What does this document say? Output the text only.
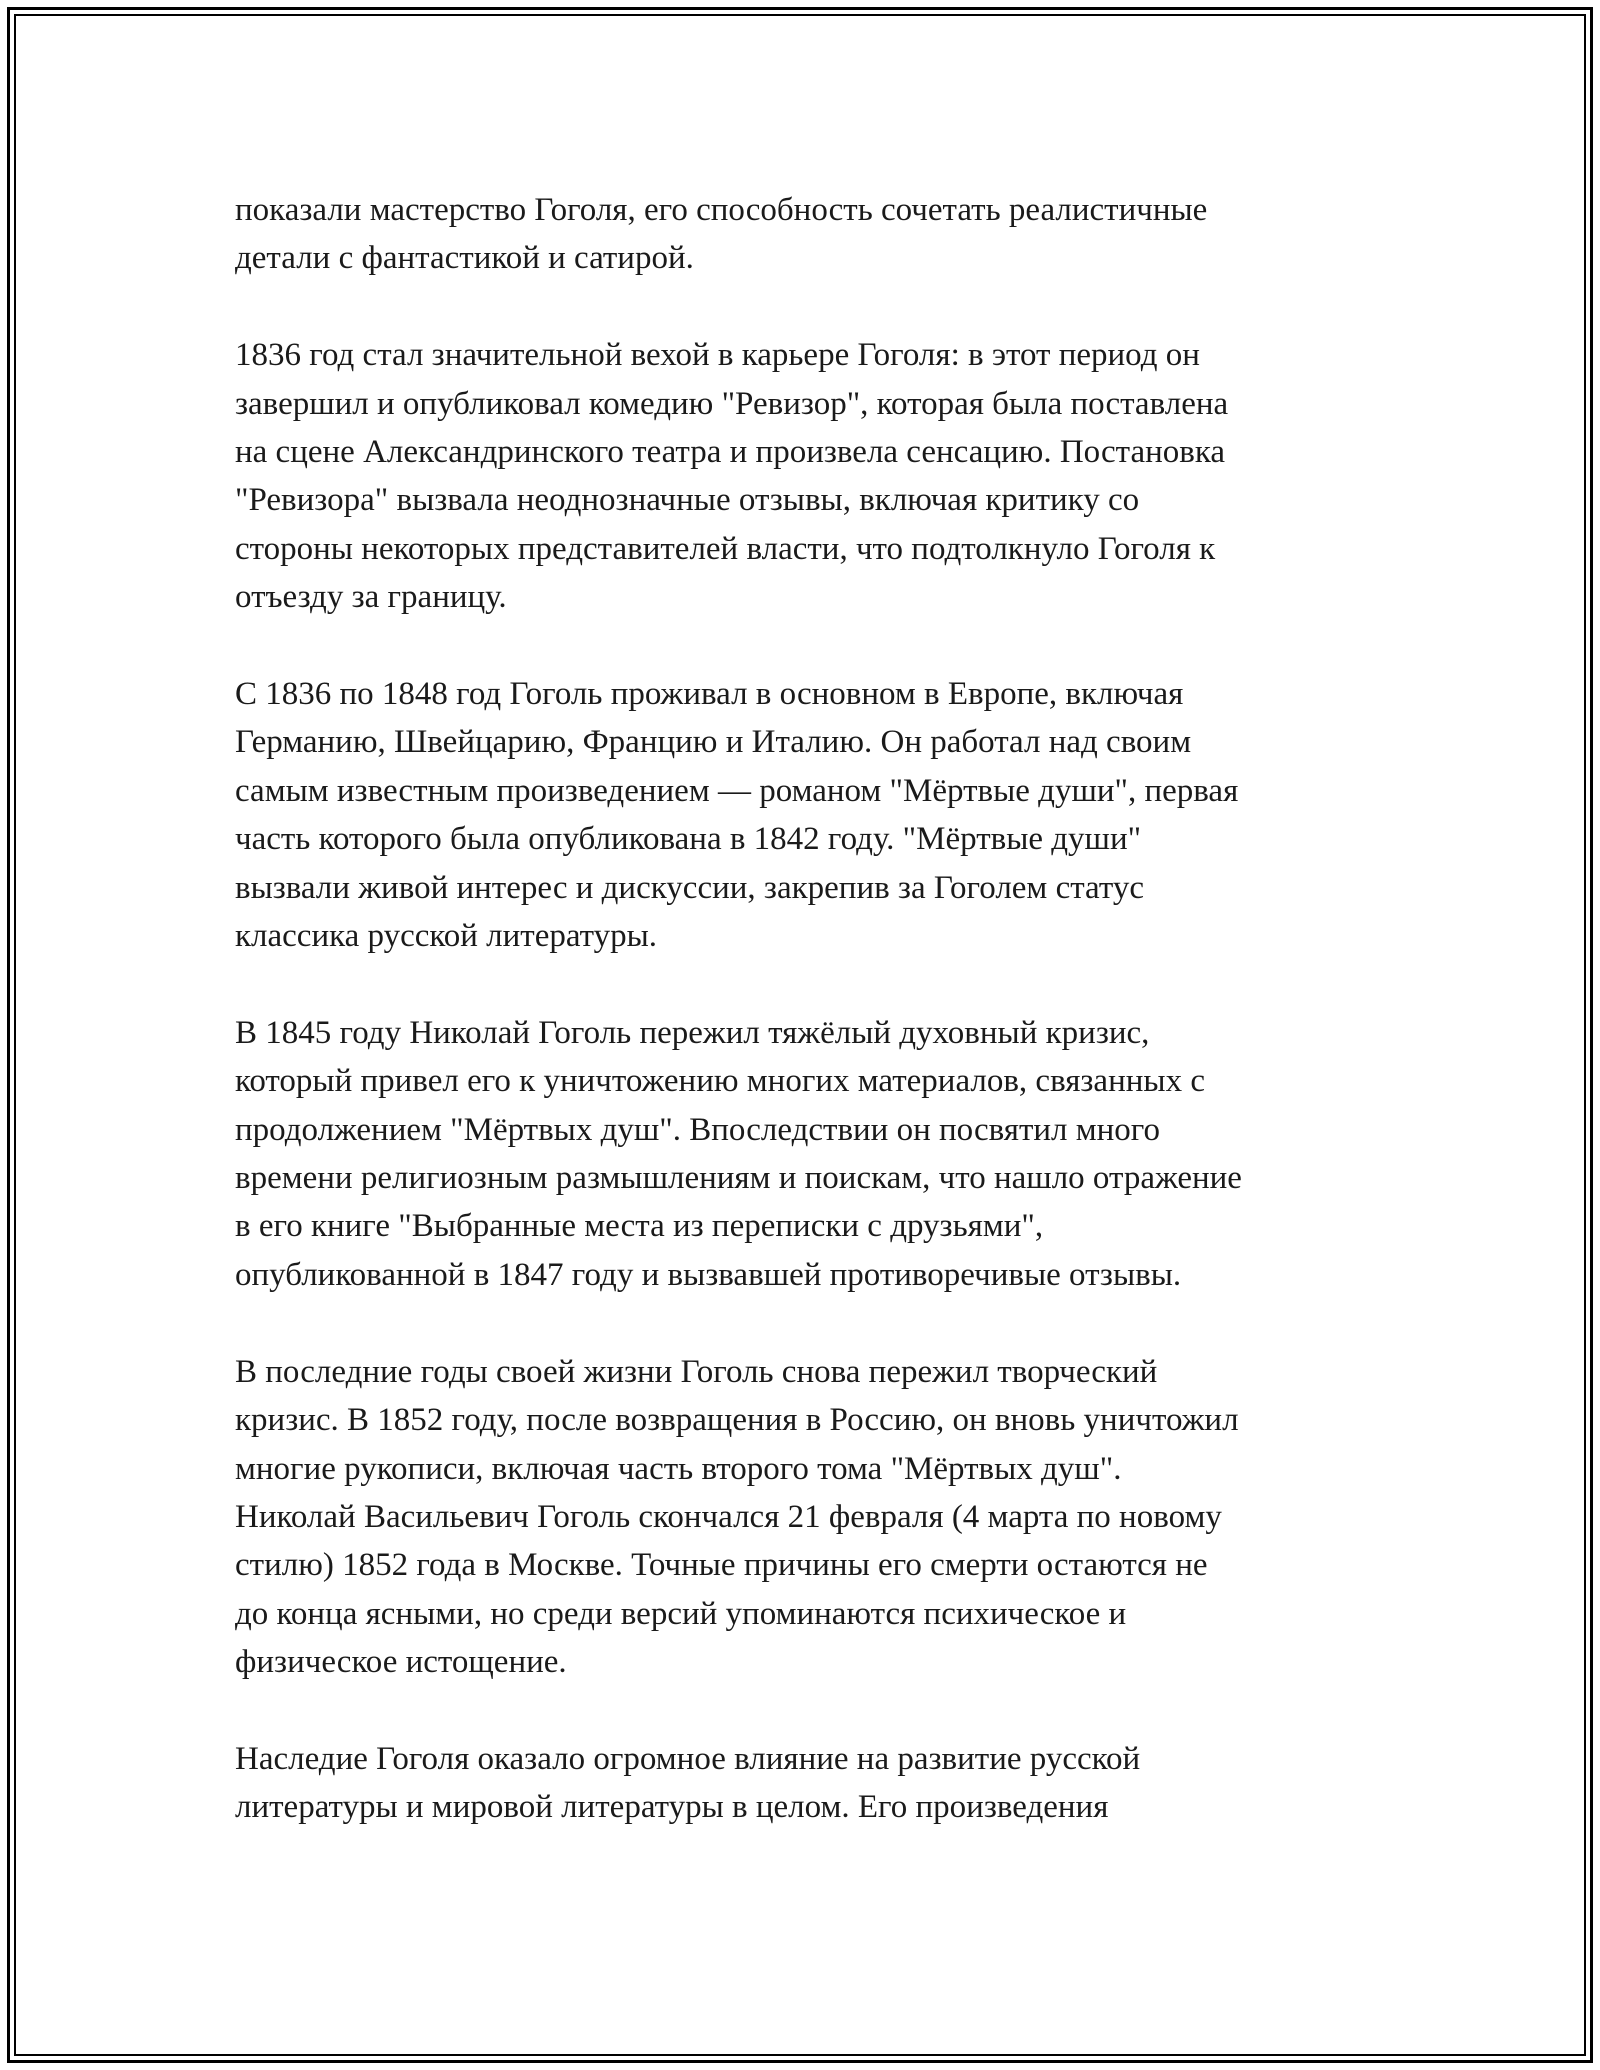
показали мастерство Гоголя, его способность сочетать реалистичные
детали с фантастикой и сатирой.

1836 год стал значительной вехой в карьере Гоголя: в этот период он
завершил и опубликовал комедию "Ревизор", которая была поставлена
на сцене Александринского театра и произвела сенсацию. Постановка
"Ревизора" вызвала неоднозначные отзывы, включая критику со
стороны некоторых представителей власти, что подтолкнуло Гоголя к
отъезду за границу.

С 1836 по 1848 год Гоголь проживал в основном в Европе, включая
Германию, Швейцарию, Францию и Италию. Он работал над своим
самым известным произведением — романом "Мёртвые души", первая
часть которого была опубликована в 1842 году. "Мёртвые души"
вызвали живой интерес и дискуссии, закрепив за Гоголем статус
классика русской литературы.

В 1845 году Николай Гоголь пережил тяжёлый духовный кризис,
который привел его к уничтожению многих материалов, связанных с
продолжением "Мёртвых душ". Впоследствии он посвятил много
времени религиозным размышлениям и поискам, что нашло отражение
в его книге "Выбранные места из переписки с друзьями",
опубликованной в 1847 году и вызвавшей противоречивые отзывы.

В последние годы своей жизни Гоголь снова пережил творческий
кризис. В 1852 году, после возвращения в Россию, он вновь уничтожил
многие рукописи, включая часть второго тома "Мёртвых душ".
Николай Васильевич Гоголь скончался 21 февраля (4 марта по новому
стилю) 1852 года в Москве. Точные причины его смерти остаются не
до конца ясными, но среди версий упоминаются психическое и
физическое истощение.

Наследие Гоголя оказало огромное влияние на развитие русской
литературы и мировой литературы в целом. Его произведения
